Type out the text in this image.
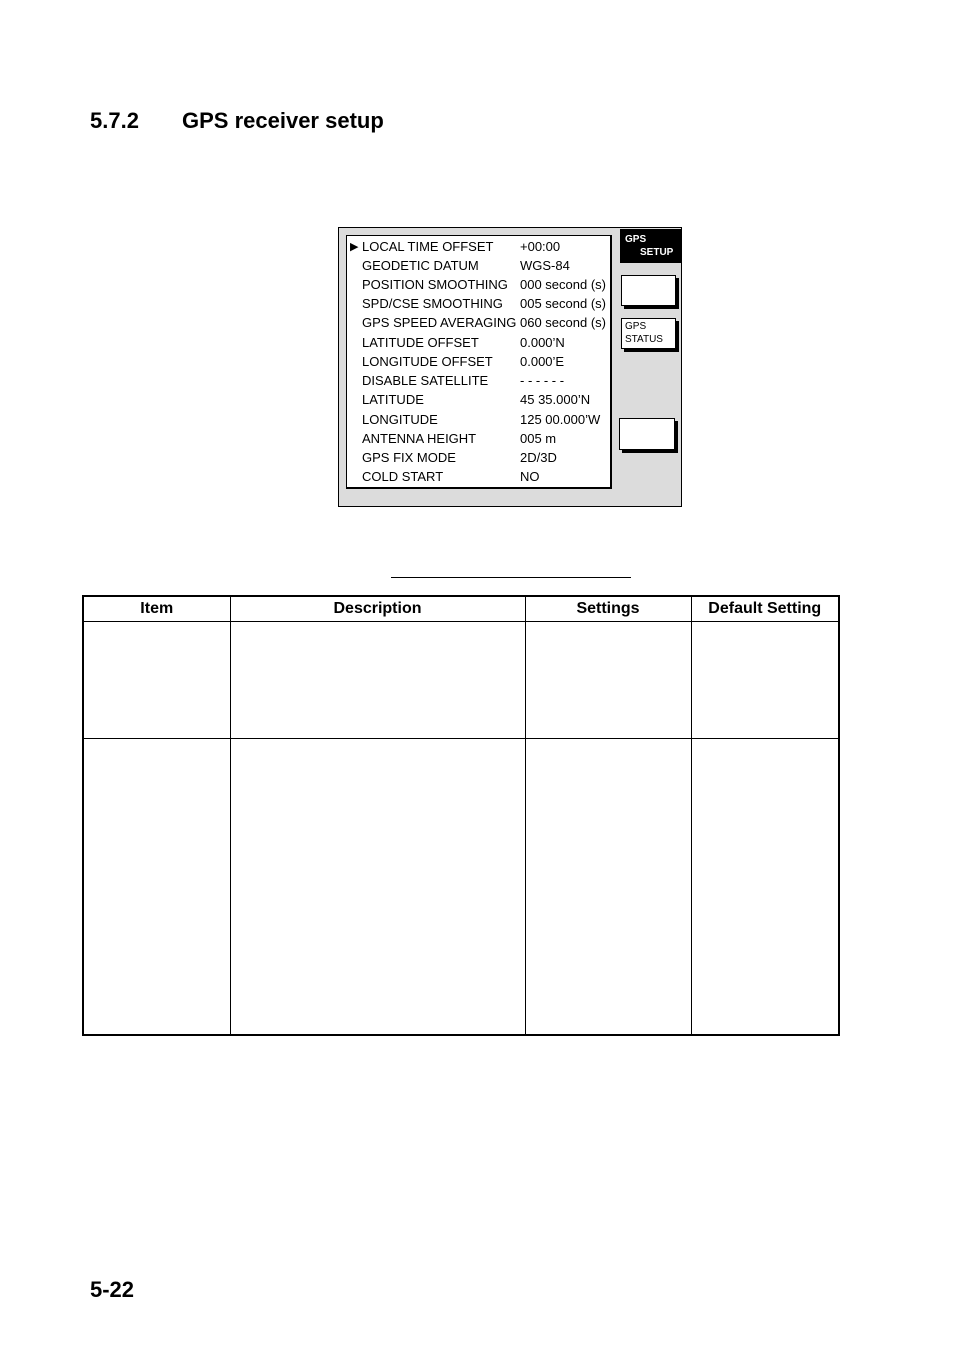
5.7.2 GPS receiver setup
▶ LOCAL TIME OFFSET +00:00
GEODETIC DATUM	WGS-84
POSITION SMOOTHING 000 second (s)
SPD/CSE SMOOTHING 005 second (s)
GPS SPEED AVERAGING 060 second (s)
LATITUDE OFFSET	0.000’N
LONGITUDE OFFSET 0.000’E
DISABLE SATELLITE - - - - - -
LATITUDE	45 35.000’N
LONGITUDE	125 00.000’W
ANTENNA HEIGHT	005 m
GPS FIX MODE	2D/3D
COLD START	NO
GPS
SETUP
GPS
STATUS
Item	Description	Settings	Default Setting

5-22
